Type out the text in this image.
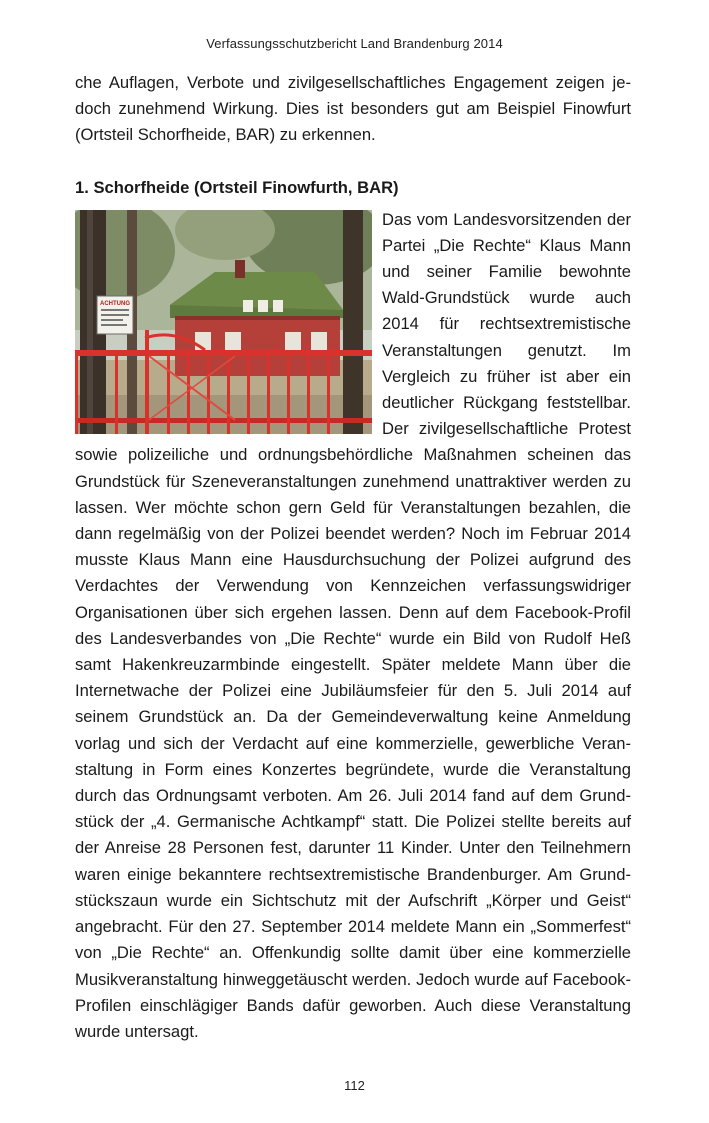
Verfassungsschutzbericht Land Brandenburg 2014

che Auflagen, Verbote und zivilgesellschaftliches Engagement zeigen jedoch zunehmend Wirkung. Dies ist besonders gut am Beispiel Finowfurt (Ortsteil Schorfheide, BAR) zu erkennen.

1. Schorfheide (Ortsteil Finowfurth, BAR)
ACHTUNG

Das vom Landesvorsitzenden der Partei „Die Rechte“ Klaus Mann und seiner Familie bewohnte Wald-Grundstück wurde auch 2014 für rechtsextremistische Veranstaltungen genutzt. Im Vergleich zu früher ist aber ein deutlicher Rückgang feststellbar. Der zivilgesellschaftliche Protest sowie polizeiliche und ordnungsbehördliche Maßnahmen scheinen das Grundstück für Szeneveranstaltungen zunehmend unattraktiver werden zu lassen. Wer möchte schon gern Geld für Veranstaltungen bezahlen, die dann regelmäßig von der Polizei beendet werden? Noch im Februar 2014 musste Klaus Mann eine Hausdurchsuchung der Polizei aufgrund des Verdachtes der Verwendung von Kennzeichen verfassungswidriger Organisationen über sich ergehen lassen. Denn auf dem Facebook-Profil des Landesverbandes von „Die Rechte“ wurde ein Bild von Rudolf Heß samt Hakenkreuzarmbinde eingestellt. Später meldete Mann über die Internetwache der Polizei eine Jubiläumsfeier für den 5. Juli 2014 auf seinem Grundstück an. Da der Gemeindeverwaltung keine Anmeldung vorlag und sich der Verdacht auf eine kommerzielle, gewerbliche Veranstaltung in Form eines Konzertes begründete, wurde die Veranstaltung durch das Ordnungsamt verboten. Am 26. Juli 2014 fand auf dem Grundstück der „4. Germanische Achtkampf“ statt. Die Polizei stellte bereits auf der Anreise 28 Personen fest, darunter 11 Kinder. Unter den Teilnehmern waren einige bekanntere rechtsextremistische Brandenburger. Am Grundstückszaun wurde ein Sichtschutz mit der Aufschrift „Körper und Geist“ angebracht. Für den 27. September 2014 meldete Mann ein „Sommerfest“ von „Die Rechte“ an. Offenkundig sollte damit über eine kommerzielle Musikveranstaltung hinweggetäuscht werden. Jedoch wurde auf Facebook-Profilen einschlägiger Bands dafür geworben. Auch diese Veranstaltung wurde untersagt.

112
